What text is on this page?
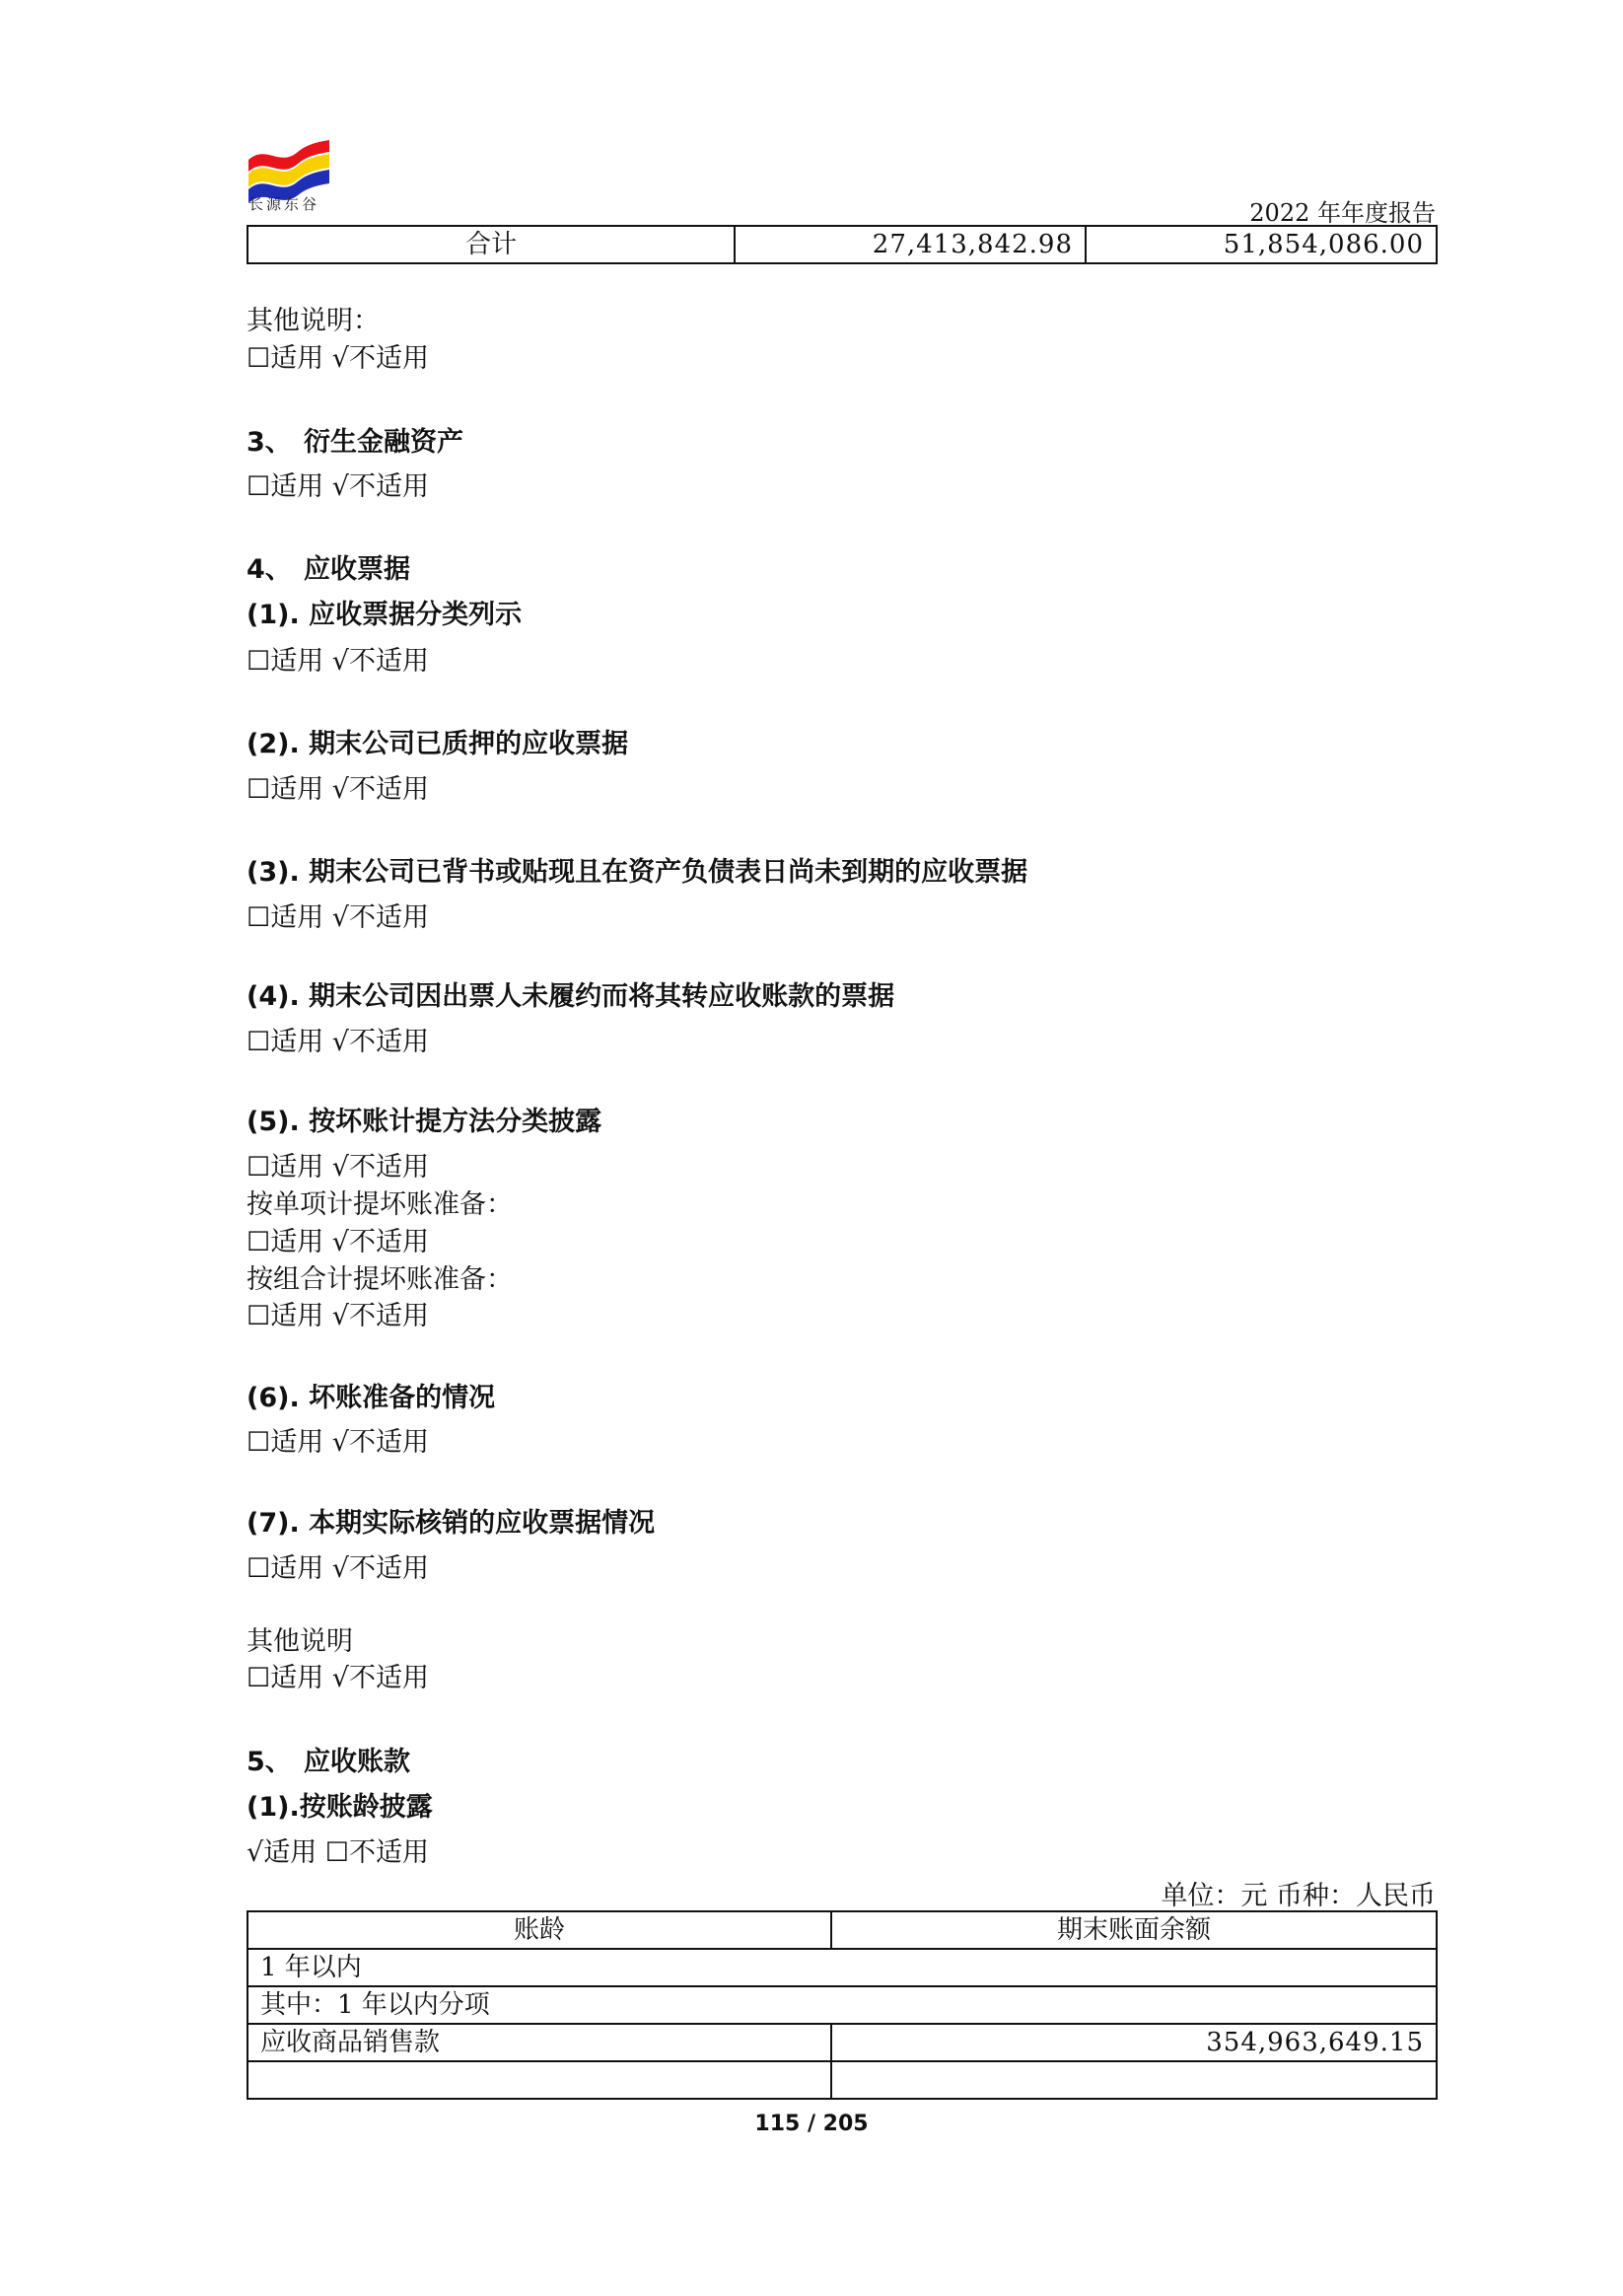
长源东谷	2022 年年度报告
合计	27,413,842.98	51,854,086.00
其他说明：
☐适用 √不适用
3、 衍生金融资产
☐适用 √不适用
4、 应收票据
(1). 应收票据分类列示
☐适用 √不适用
(2). 期末公司已质押的应收票据
☐适用 √不适用
(3). 期末公司已背书或贴现且在资产负债表日尚未到期的应收票据
☐适用 √不适用
(4). 期末公司因出票人未履约而将其转应收账款的票据
☐适用 √不适用
(5). 按坏账计提方法分类披露
☐适用 √不适用
按单项计提坏账准备：
☐适用 √不适用
按组合计提坏账准备：
☐适用 √不适用
(6). 坏账准备的情况
☐适用 √不适用
(7). 本期实际核销的应收票据情况
☐适用 √不适用
其他说明
☐适用 √不适用
5、 应收账款
(1).按账龄披露
√适用 ☐不适用
单位：元 币种：人民币
账龄	期末账面余额
1 年以内	
其中：1 年以内分项	
应收商品销售款	354,963,649.15

115 / 205
